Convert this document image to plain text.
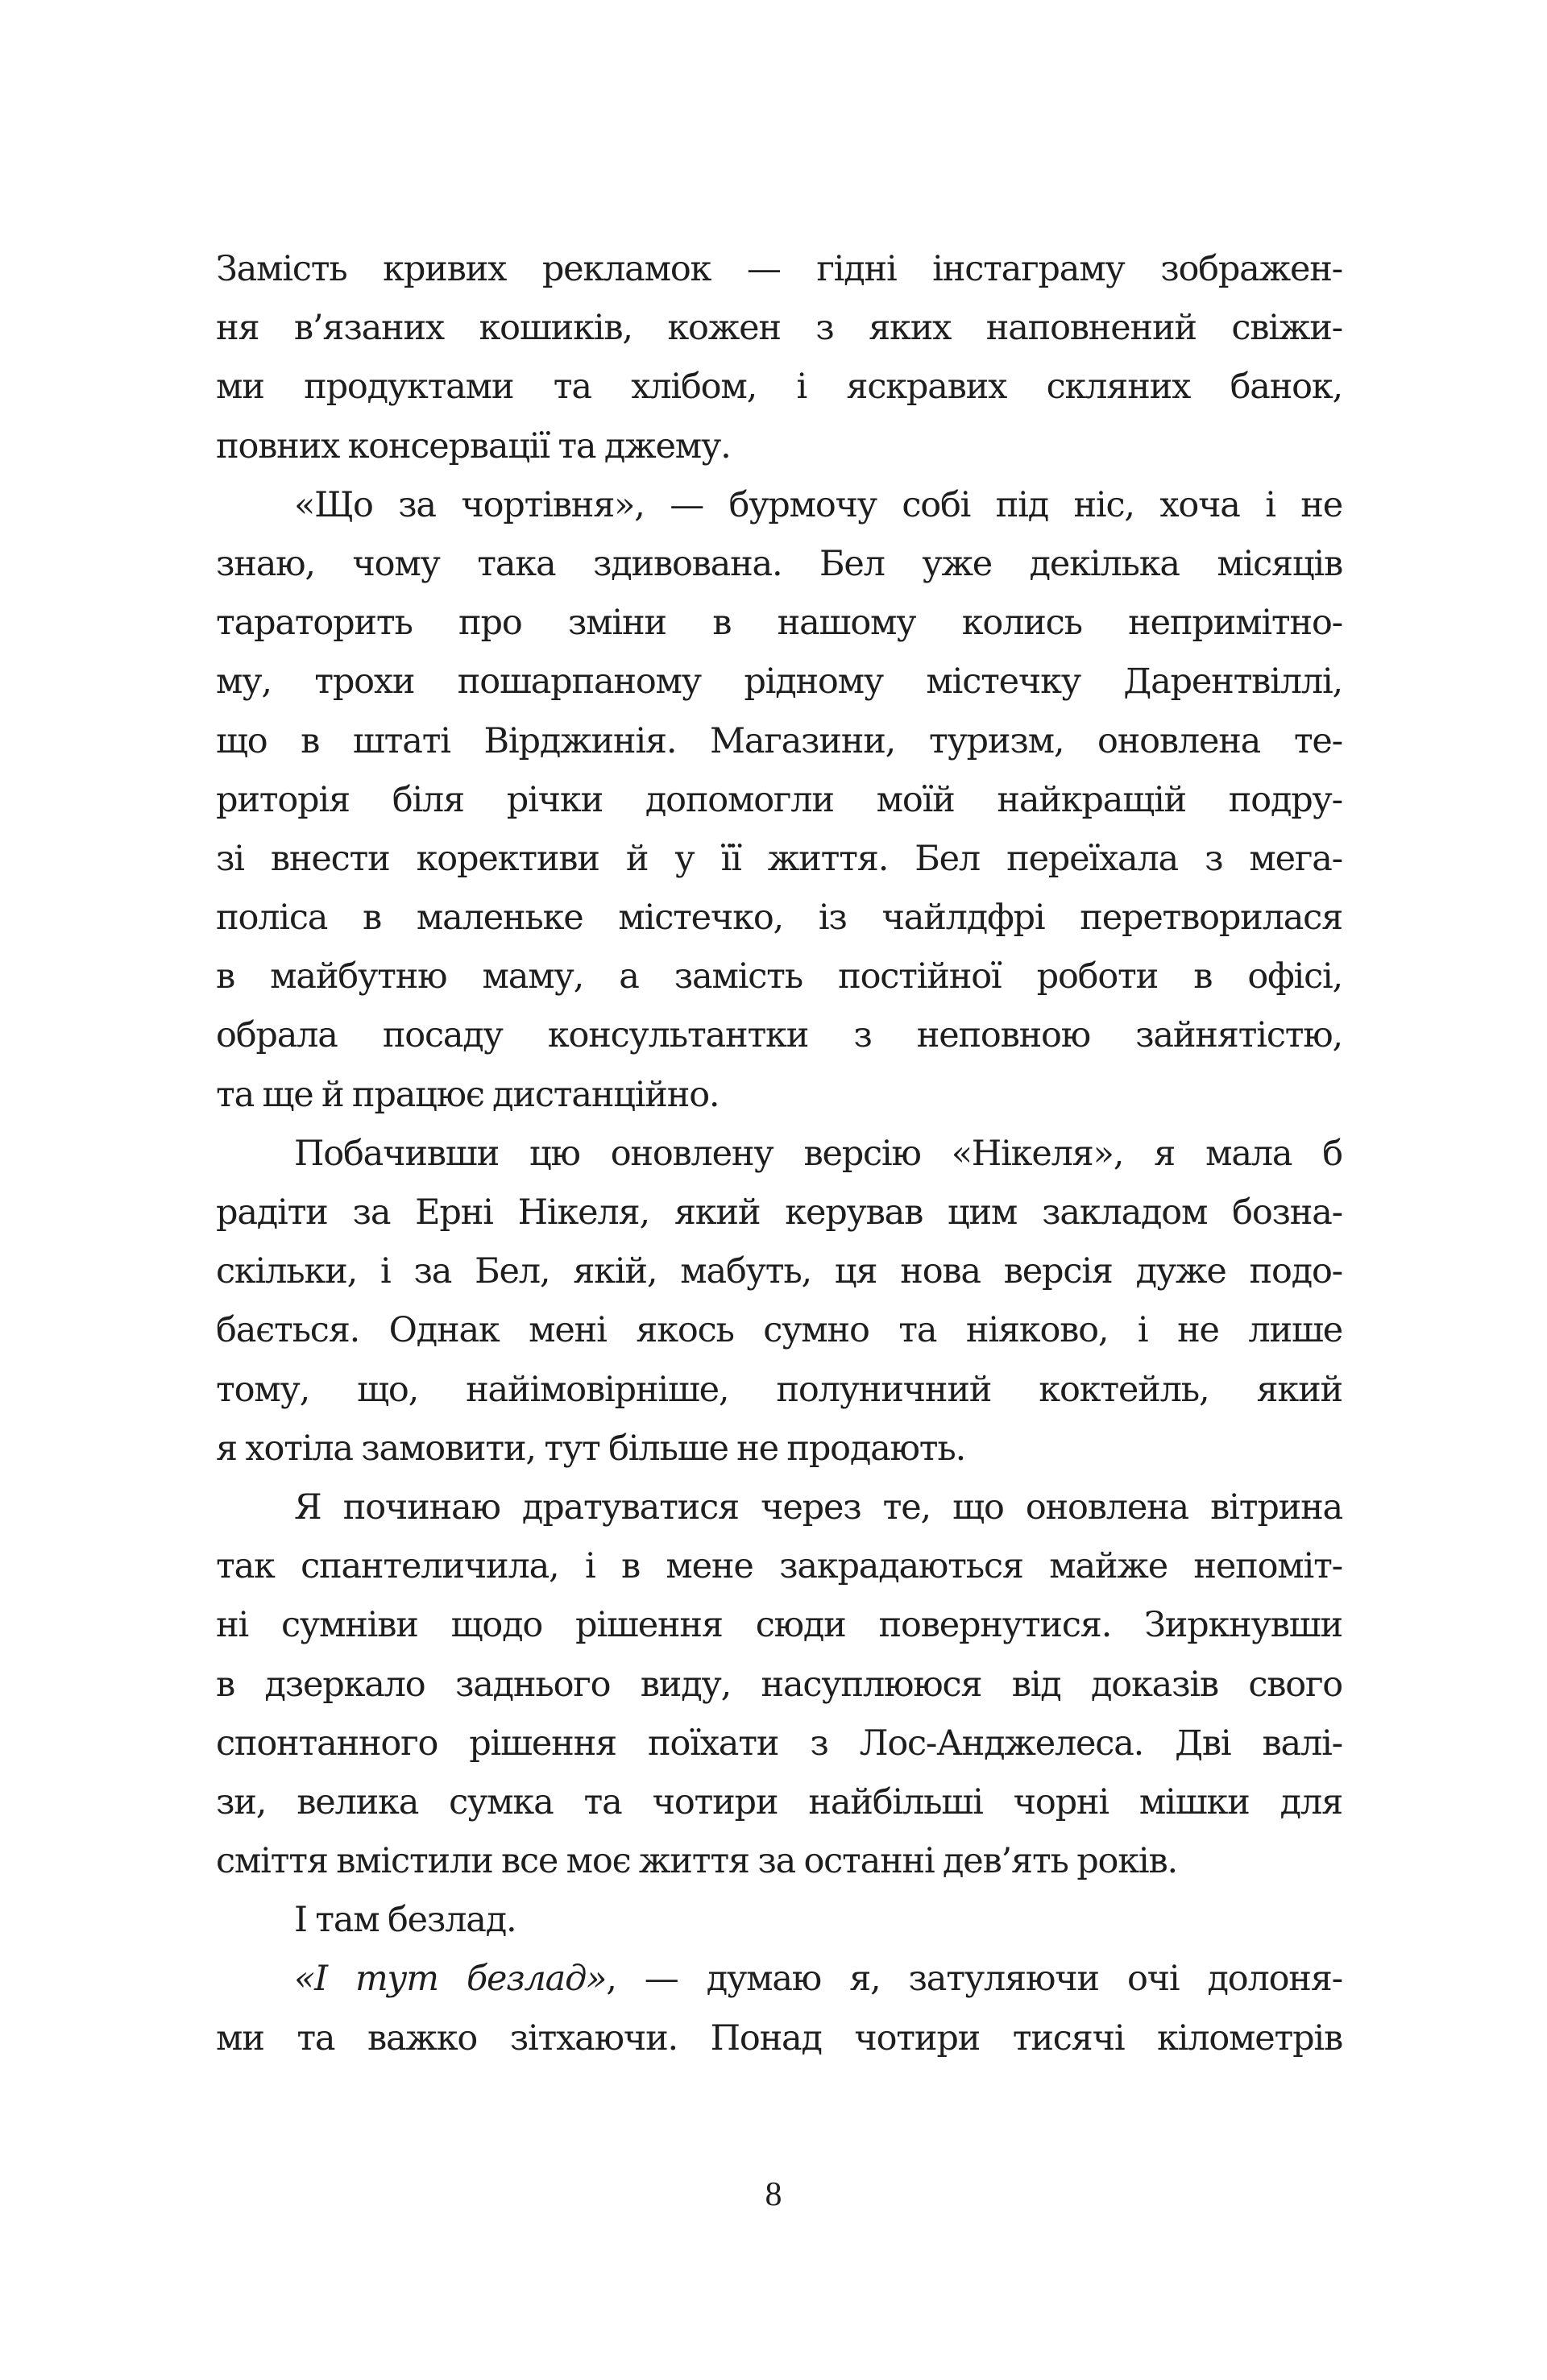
Замість кривих рекламок — гідні інстаграму зображен-
ня в’язаних кошиків, кожен з яких наповнений свіжи-
ми продуктами та хлібом, і яскравих скляних банок,
повних консервації та джему.
«Що за чортівня», — бурмочу собі під ніс, хоча і не
знаю, чому така здивована. Бел уже декілька місяців
тараторить про зміни в нашому колись непримітно-
му, трохи пошарпаному рідному містечку Дарентвіллі,
що в штаті Вірджинія. Магазини, туризм, оновлена те-
риторія біля річки допомогли моїй найкращій подру-
зі внести корективи й у її життя. Бел переїхала з мега-
поліса в маленьке містечко, із чайлдфрі перетворилася
в майбутню маму, а замість постійної роботи в офісі,
обрала посаду консультантки з неповною зайнятістю,
та ще й працює дистанційно.
Побачивши цю оновлену версію «Нікеля», я мала б
радіти за Ерні Нікеля, який керував цим закладом бозна-
скільки, і за Бел, якій, мабуть, ця нова версія дуже подо-
бається. Однак мені якось сумно та ніяково, і не лише
тому, що, найімовірніше, полуничний коктейль, який
я хотіла замовити, тут більше не продають.
Я починаю дратуватися через те, що оновлена вітрина
так спантеличила, і в мене закрадаються майже непоміт-
ні сумніви щодо рішення сюди повернутися. Зиркнувши
в дзеркало заднього виду, насуплююся від доказів свого
спонтанного рішення поїхати з Лос-Анджелеса. Дві валі-
зи, велика сумка та чотири найбільші чорні мішки для
сміття вмістили все моє життя за останні дев’ять років.
І там безлад.
«І тут безлад», — думаю я, затуляючи очі долоня-
ми та важко зітхаючи. Понад чотири тисячі кілометрів
8
